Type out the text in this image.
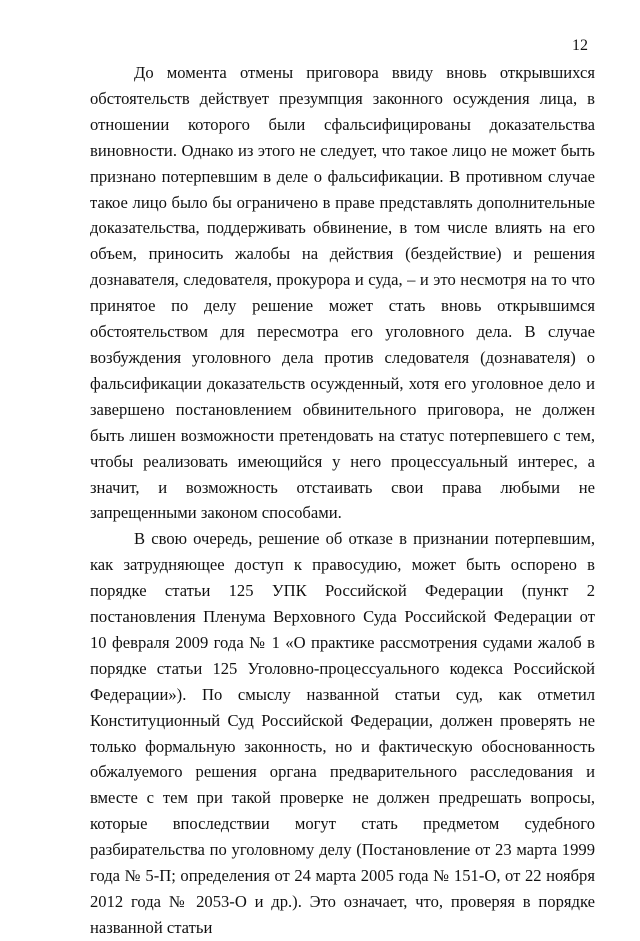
12

До момента отмены приговора ввиду вновь открывшихся обстоятельств действует презумпция законного осуждения лица, в отношении которого были сфальсифицированы доказательства виновности. Однако из этого не следует, что такое лицо не может быть признано потерпевшим в деле о фальсификации. В противном случае такое лицо было бы ограничено в праве представлять дополнительные доказательства, поддерживать обвинение, в том числе влиять на его объем, приносить жалобы на действия (бездействие) и решения дознавателя, следователя, прокурора и суда, – и это несмотря на то что принятое по делу решение может стать вновь открывшимся обстоятельством для пересмотра его уголовного дела. В случае возбуждения уголовного дела против следователя (дознавателя) о фальсификации доказательств осужденный, хотя его уголовное дело и завершено постановлением обвинительного приговора, не должен быть лишен возможности претендовать на статус потерпевшего с тем, чтобы реализовать имеющийся у него процессуальный интерес, а значит, и возможность отстаивать свои права любыми не запрещенными законом способами.

В свою очередь, решение об отказе в признании потерпевшим, как затрудняющее доступ к правосудию, может быть оспорено в порядке статьи 125 УПК Российской Федерации (пункт 2 постановления Пленума Верховного Суда Российской Федерации от 10 февраля 2009 года № 1 «О практике рассмотрения судами жалоб в порядке статьи 125 Уголовно-процессуального кодекса Российской Федерации»). По смыслу названной статьи суд, как отметил Конституционный Суд Российской Федерации, должен проверять не только формальную законность, но и фактическую обоснованность обжалуемого решения органа предварительного расследования и вместе с тем при такой проверке не должен предрешать вопросы, которые впоследствии могут стать предметом судебного разбирательства по уголовному делу (Постановление от 23 марта 1999 года № 5-П; определения от 24 марта 2005 года № 151-О, от 22 ноября 2012 года № 2053-О и др.). Это означает, что, проверяя в порядке названной статьи
